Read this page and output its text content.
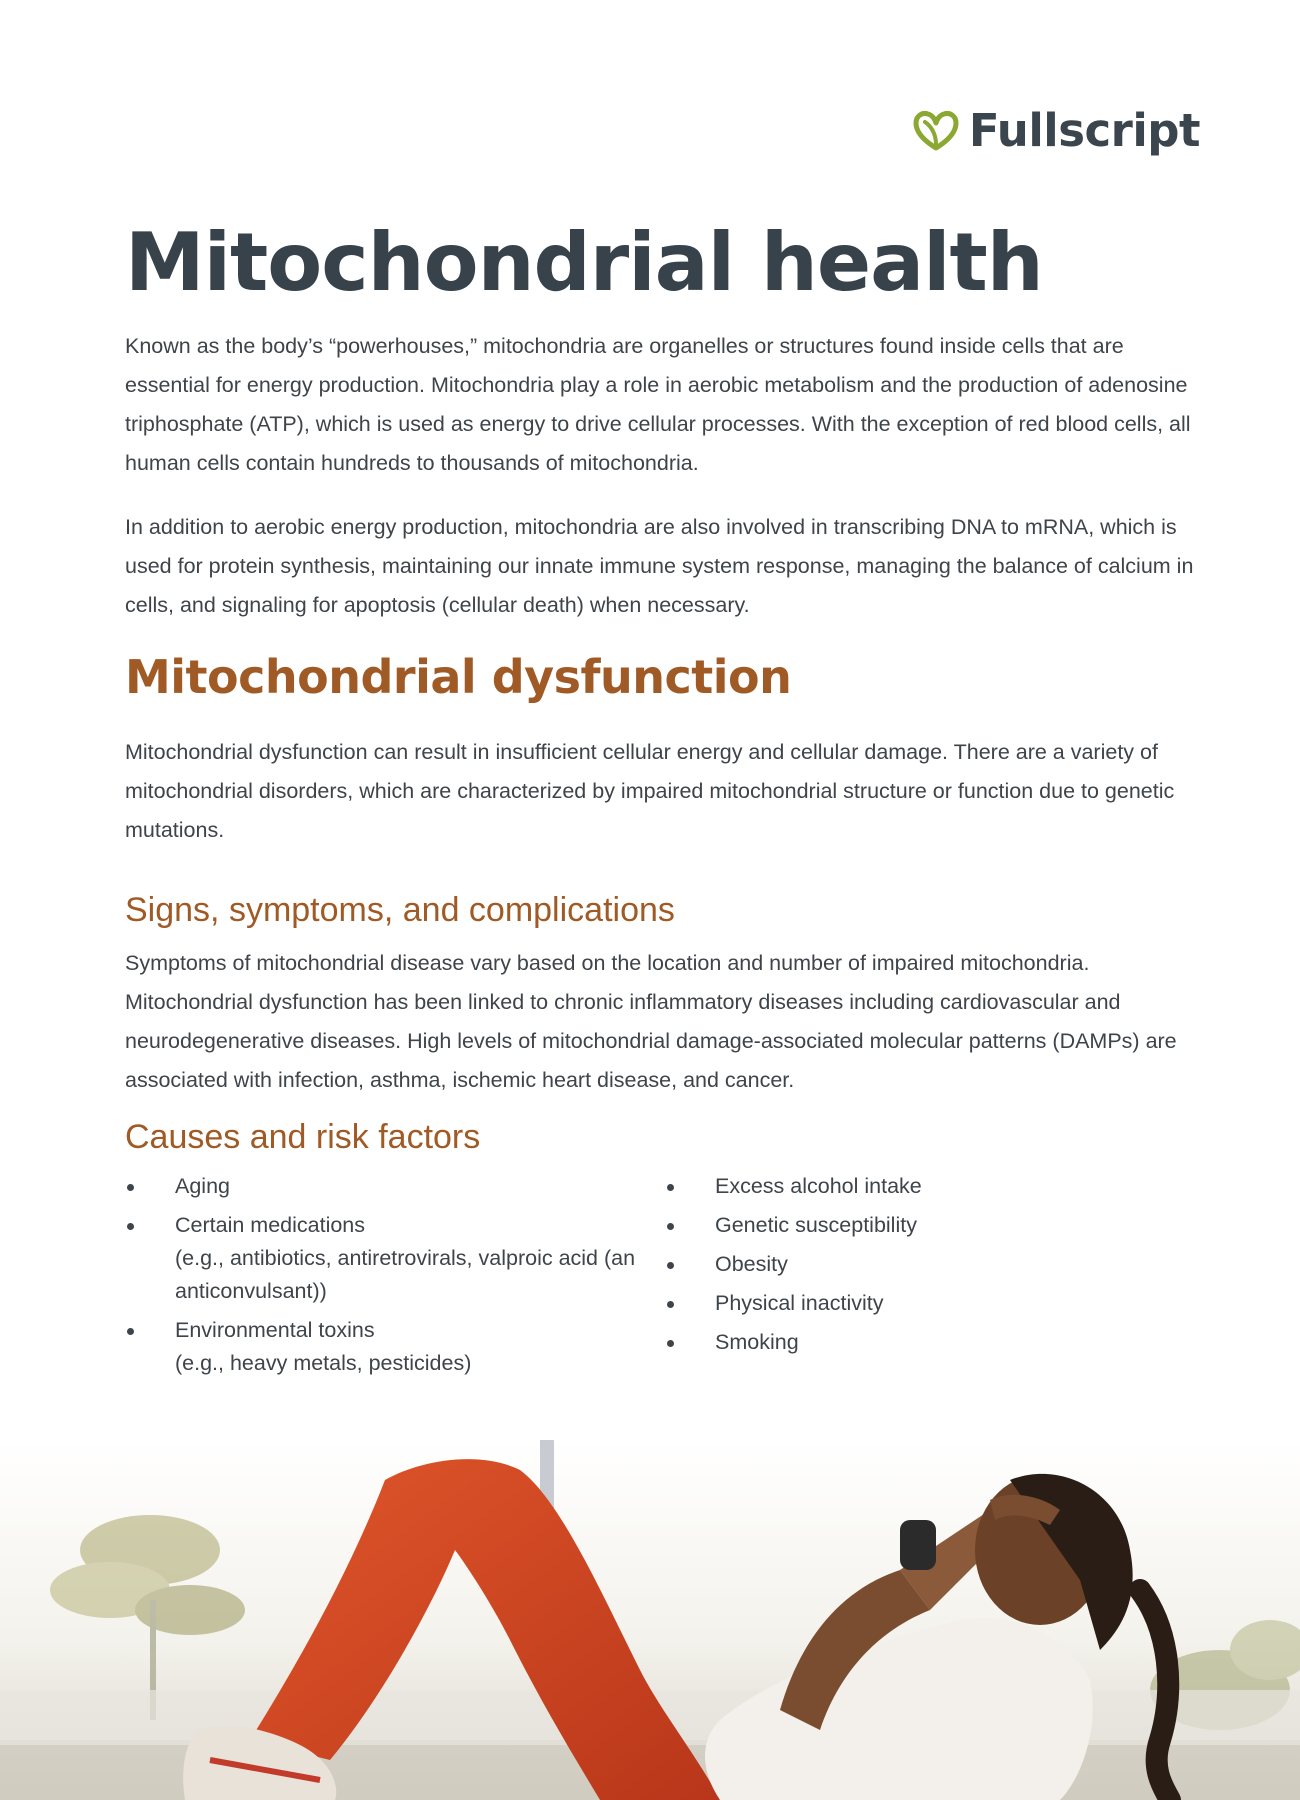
Fullscript
Mitochondrial health

Known as the body’s “powerhouses,” mitochondria are organelles or structures found inside cells that are essential for energy production. Mitochondria play a role in aerobic metabolism and the production of adenosine triphosphate (ATP), which is used as energy to drive cellular processes. With the exception of red blood cells, all human cells contain hundreds to thousands of mitochondria.

In addition to aerobic energy production, mitochondria are also involved in transcribing DNA to mRNA, which is used for protein synthesis, maintaining our innate immune system response, managing the balance of calcium in cells, and signaling for apoptosis (cellular death) when necessary.

Mitochondrial dysfunction

Mitochondrial dysfunction can result in insufficient cellular energy and cellular damage. There are a variety of mitochondrial disorders, which are characterized by impaired mitochondrial structure or function due to genetic mutations.

Signs, symptoms, and complications

Symptoms of mitochondrial disease vary based on the location and number of impaired mitochondria. Mitochondrial dysfunction has been linked to chronic inflammatory diseases including cardiovascular and neurodegenerative diseases. High levels of mitochondrial damage-associated molecular patterns (DAMPs) are associated with infection, asthma, ischemic heart disease, and cancer.

Causes and risk factors
Aging
Certain medications
(e.g., antibiotics, antiretrovirals, valproic acid (an anticonvulsant))
Environmental toxins
(e.g., heavy metals, pesticides)
Excess alcohol intake
Genetic susceptibility
Obesity
Physical inactivity
Smoking
